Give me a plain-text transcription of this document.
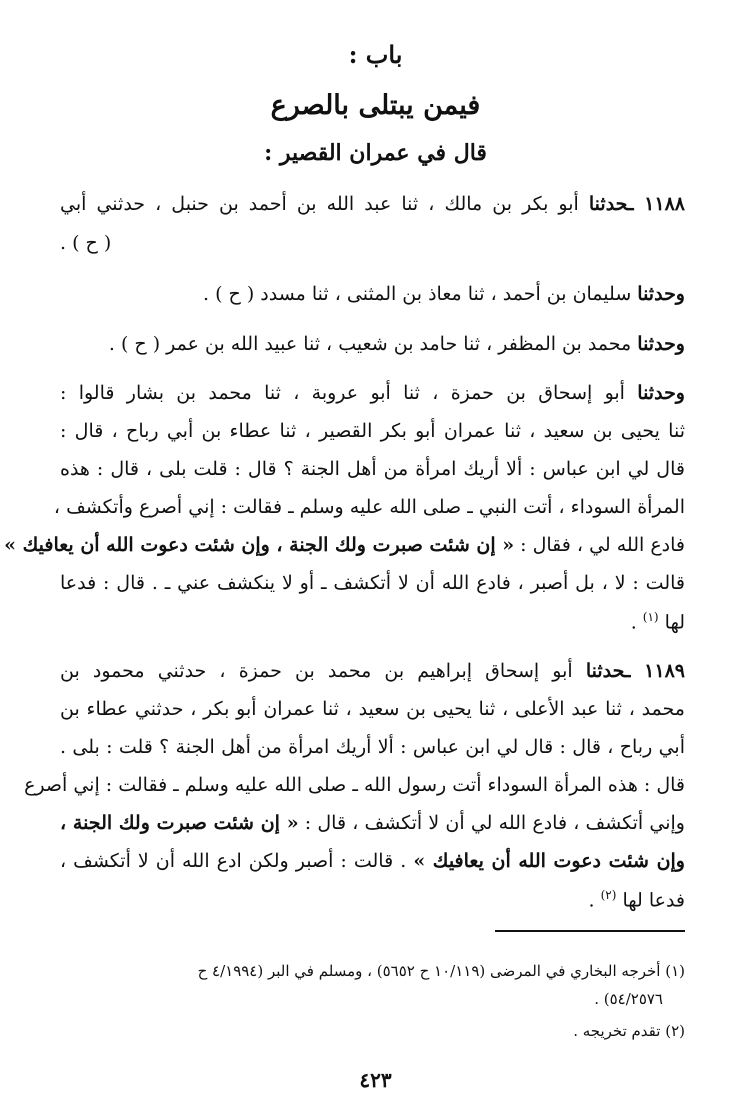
باب :
فيمن يبتلى بالصرع
قال في عمران القصير :
١١٨٨ ـحدثنا أبو بكر بن مالك ، ثنا عبد الله بن أحمد بن حنبل ، حدثني أبي
( ح ) .
وحدثنا سليمان بن أحمد ، ثنا معاذ بن المثنى ، ثنا مسدد ( ح ) .
وحدثنا محمد بن المظفر ، ثنا حامد بن شعيب ، ثنا عبيد الله بن عمر ( ح ) .
وحدثنا أبو إسحاق بن حمزة ، ثنا أبو عروبة ، ثنا محمد بن بشار قالوا :
ثنا يحيى بن سعيد ، ثنا عمران أبو بكر القصير ، ثنا عطاء بن أبي رباح ، قال :
قال لي ابن عباس : ألا أريك امرأة من أهل الجنة ؟ قال : قلت بلى ، قال : هذه
المرأة السوداء ، أتت النبي ـ صلى الله عليه وسلم ـ فقالت : إني أصرع وأتكشف ،
فادع الله لي ، فقال : « إن شئت صبرت ولك الجنة ، وإن شئت دعوت الله أن يعافيك »
قالت : لا ، بل أصبر ، فادع الله أن لا أتكشف ـ أو لا ينكشف عني ـ . قال : فدعا
لها $^{(١)}$ .
١١٨٩ ـحدثنا أبو إسحاق إبراهيم بن محمد بن حمزة ، حدثني محمود بن
محمد ، ثنا عبد الأعلى ، ثنا يحيى بن سعيد ، ثنا عمران أبو بكر ، حدثني عطاء بن
أبي رباح ، قال : قال لي ابن عباس : ألا أريك امرأة من أهل الجنة ؟ قلت : بلى .
قال : هذه المرأة السوداء أتت رسول الله ـ صلى الله عليه وسلم ـ فقالت : إني أصرع
وإني أتكشف ، فادع الله لي أن لا أتكشف ، قال : « إن شئت صبرت ولك الجنة ،
وإن شئت دعوت الله أن يعافيك » . قالت : أصبر ولكن ادع الله أن لا أتكشف ،
فدعا لها $^{(٢)}$ .
(١) أخرجه البخاري في المرضى (١٠/١١٩ ح ٥٦٥٢) ، ومسلم في البر (٤/١٩٩٤ ح
٥٤/٢٥٧٦) .
(٢) تقدم تخريجه .
٤٢٣
